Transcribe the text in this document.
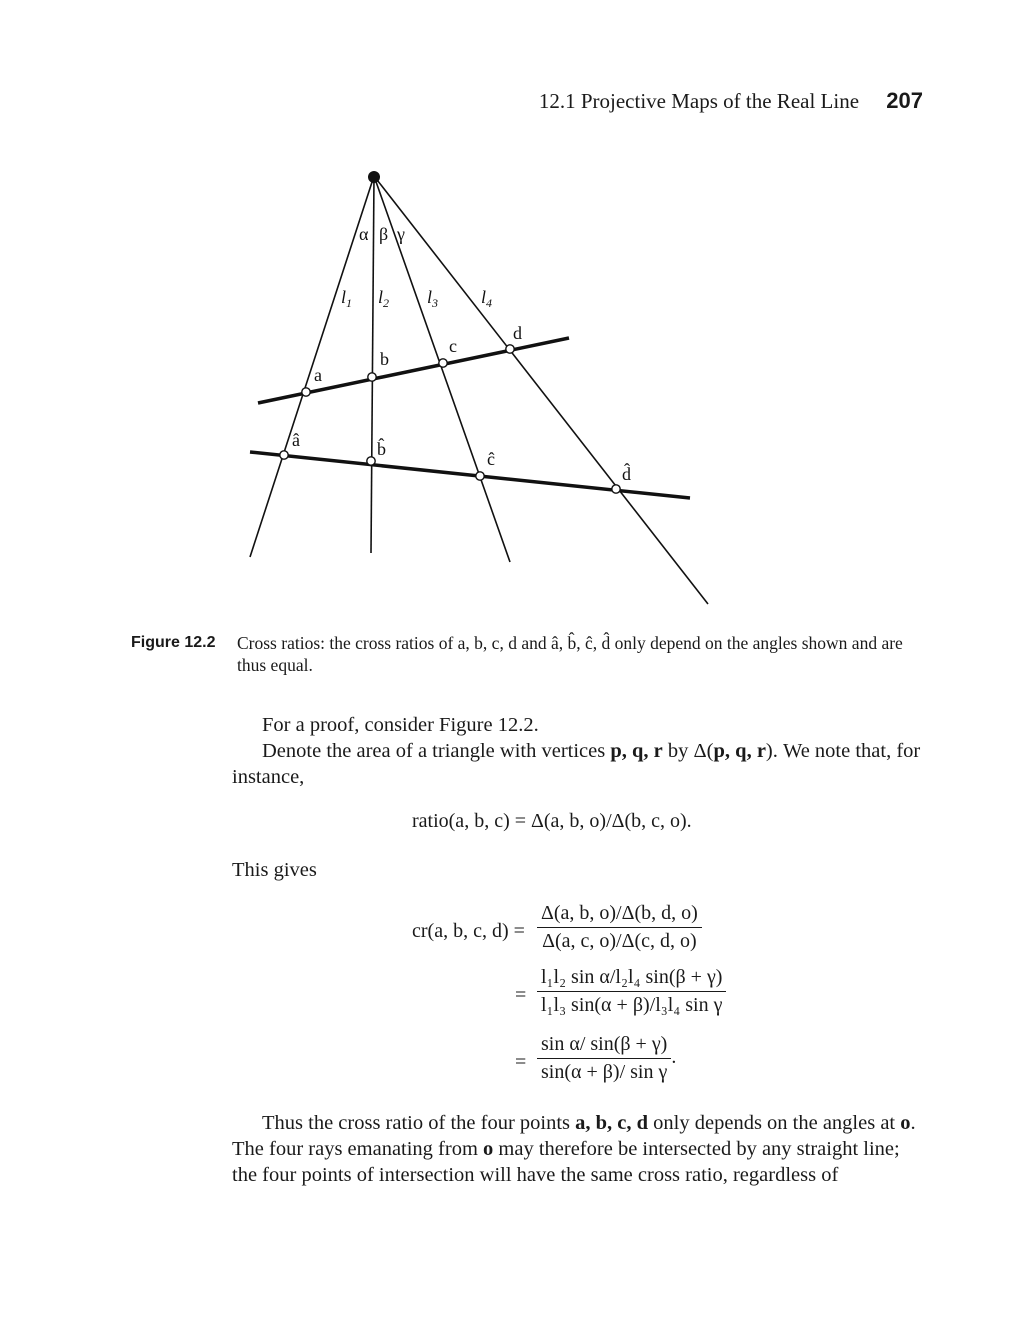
12.1 Projective Maps of the Real Line 207
α β γ
$l_1$ $l_2$ $l_3$ $l_4$
a
b
c
d
â	b̂	ĉ
d̂
Figure 12.2 Cross ratios: the cross ratios of a, b, c, d and â, b̂, ĉ, d̂ only depend on the angles shown and are thus equal.
For a proof, consider Figure 12.2.
Denote the area of a triangle with vertices p, q, r by Δ(p, q, r). We note that, for instance,
ratio(a, b, c) = Δ(a, b, o)/Δ(b, c, o).
This gives
cr(a, b, c, $d) = \frac{\Delta(a, b, o)/\Delta(b, d, o)}{\Delta(a, c, o)/\Delta(c, d, o)}$
= $\frac{\text{l₁l₂ sin α/l₂l₄ sin(β + γ)}}{\text{l₁l₃ sin(α + β)/l₃l₄ sin γ}}$
= $\frac{\text{sin α/ sin(β + γ)}}{\text{sin(α + β)/ sin γ}}$ .
Thus the cross ratio of the four points a, b, c, d only depends on the angles at o. The four rays emanating from o may therefore be intersected by any straight line; the four points of intersection will have the same cross ratio, regardless of
